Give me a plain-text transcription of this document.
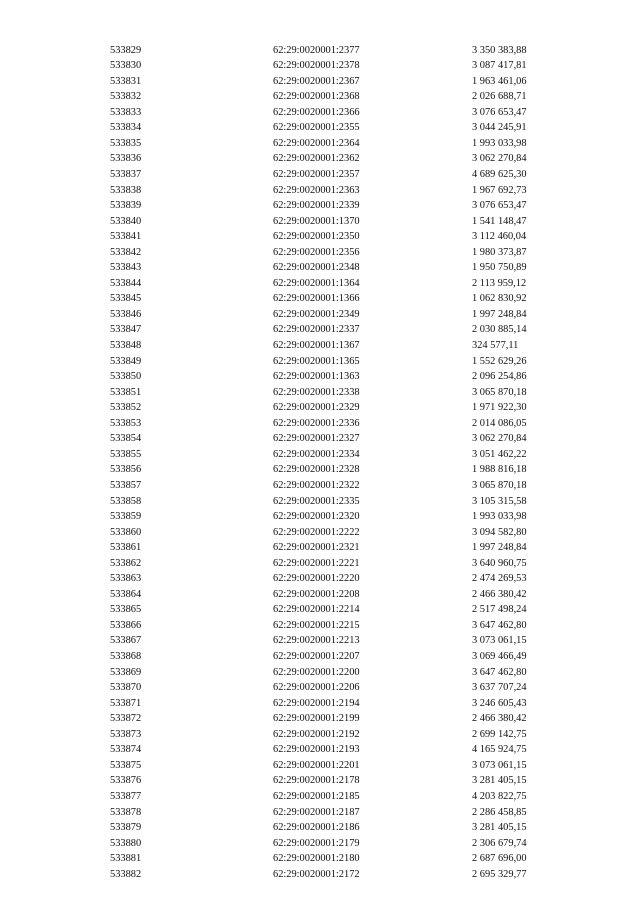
533829	62:29:0020001:2377	3 350 383,88
533830	62:29:0020001:2378	3 087 417,81
533831	62:29:0020001:2367	1 963 461,06
533832	62:29:0020001:2368	2 026 688,71
533833	62:29:0020001:2366	3 076 653,47
533834	62:29:0020001:2355	3 044 245,91
533835	62:29:0020001:2364	1 993 033,98
533836	62:29:0020001:2362	3 062 270,84
533837	62:29:0020001:2357	4 689 625,30
533838	62:29:0020001:2363	1 967 692,73
533839	62:29:0020001:2339	3 076 653,47
533840	62:29:0020001:1370	1 541 148,47
533841	62:29:0020001:2350	3 112 460,04
533842	62:29:0020001:2356	1 980 373,87
533843	62:29:0020001:2348	1 950 750,89
533844	62:29:0020001:1364	2 113 959,12
533845	62:29:0020001:1366	1 062 830,92
533846	62:29:0020001:2349	1 997 248,84
533847	62:29:0020001:2337	2 030 885,14
533848	62:29:0020001:1367	324 577,11
533849	62:29:0020001:1365	1 552 629,26
533850	62:29:0020001:1363	2 096 254,86
533851	62:29:0020001:2338	3 065 870,18
533852	62:29:0020001:2329	1 971 922,30
533853	62:29:0020001:2336	2 014 086,05
533854	62:29:0020001:2327	3 062 270,84
533855	62:29:0020001:2334	3 051 462,22
533856	62:29:0020001:2328	1 988 816,18
533857	62:29:0020001:2322	3 065 870,18
533858	62:29:0020001:2335	3 105 315,58
533859	62:29:0020001:2320	1 993 033,98
533860	62:29:0020001:2222	3 094 582,80
533861	62:29:0020001:2321	1 997 248,84
533862	62:29:0020001:2221	3 640 960,75
533863	62:29:0020001:2220	2 474 269,53
533864	62:29:0020001:2208	2 466 380,42
533865	62:29:0020001:2214	2 517 498,24
533866	62:29:0020001:2215	3 647 462,80
533867	62:29:0020001:2213	3 073 061,15
533868	62:29:0020001:2207	3 069 466,49
533869	62:29:0020001:2200	3 647 462,80
533870	62:29:0020001:2206	3 637 707,24
533871	62:29:0020001:2194	3 246 605,43
533872	62:29:0020001:2199	2 466 380,42
533873	62:29:0020001:2192	2 699 142,75
533874	62:29:0020001:2193	4 165 924,75
533875	62:29:0020001:2201	3 073 061,15
533876	62:29:0020001:2178	3 281 405,15
533877	62:29:0020001:2185	4 203 822,75
533878	62:29:0020001:2187	2 286 458,85
533879	62:29:0020001:2186	3 281 405,15
533880	62:29:0020001:2179	2 306 679,74
533881	62:29:0020001:2180	2 687 696,00
533882	62:29:0020001:2172	2 695 329,77
